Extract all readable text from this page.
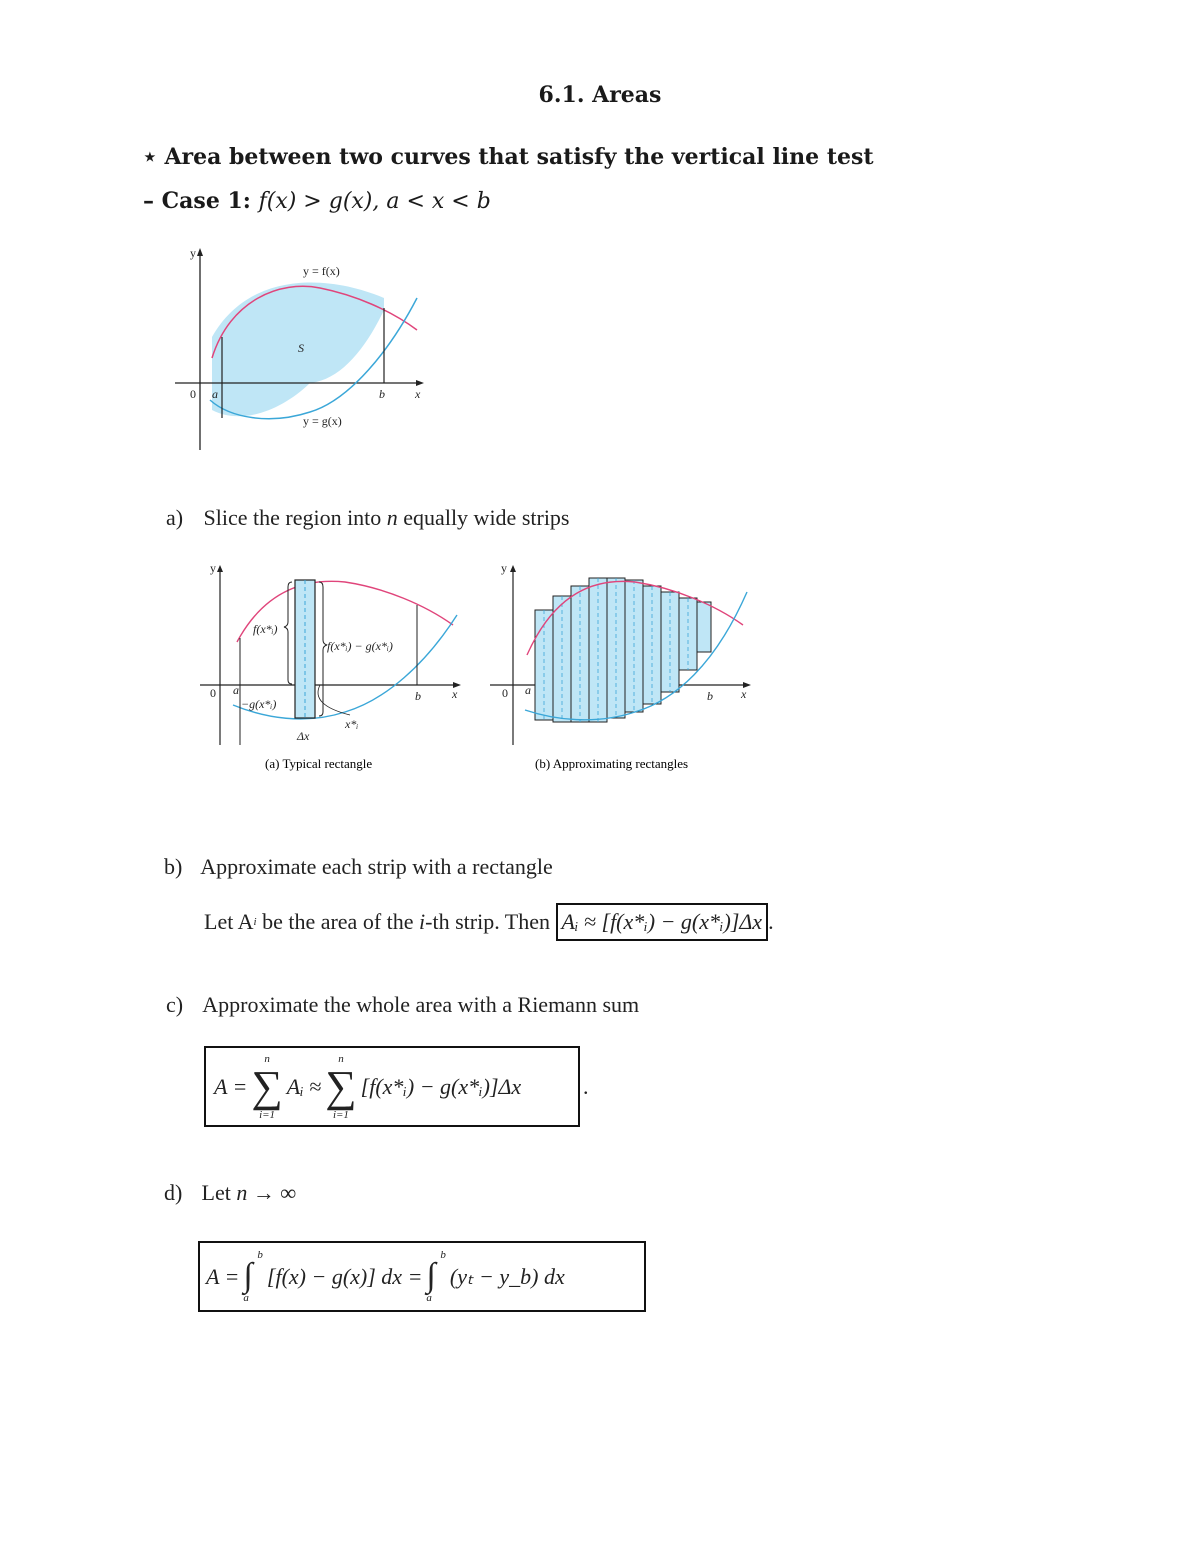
6.1. Areas
⋆ Area between two curves that satisfy the vertical line test
– Case 1: f(x) > g(x), a < x < b
y
x
0 a	b
S
y = f(x)
y = g(x)
a) Slice the region into n equally wide strips
f(x*ᵢ)
−g(x*ᵢ)
f(x*ᵢ) − g(x*ᵢ)
x*ᵢ
Δx
y
x
0 a	b
(a) Typical rectangle
y
x
0 a	b
(b) Approximating rectangles
b) Approximate each strip with a rectangle
Let A i
be the area of the
i -th strip. Then
Aᵢ ≈ [f(x*ᵢ) − g(x*ᵢ)]Δx .
c) Approximate the whole area with a Riemann sum
A =
n
∑
i=1
Aᵢ ≈
n
∑
i=1
[f(x*ᵢ) − g(x*ᵢ)]Δx	.
d) Let n → ∞
A =
b
∫
a
[f(x) − g(x)] dx =
b
∫
a
(yₜ − y_b) dx
